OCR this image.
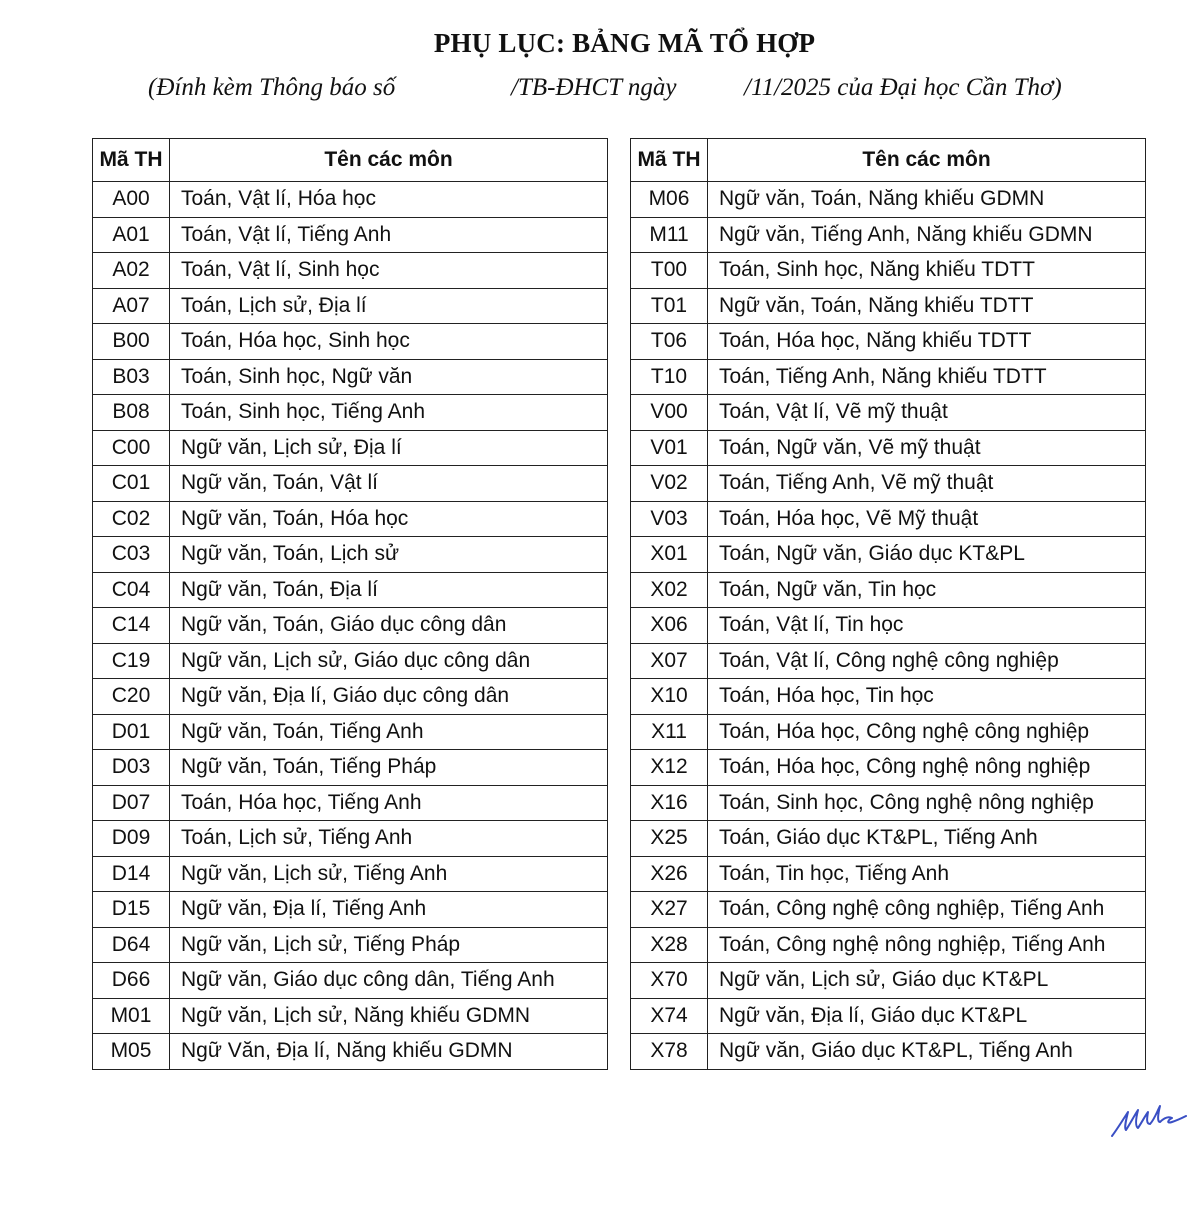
PHỤ LỤC: BẢNG MÃ TỔ HỢP
(Đính kèm Thông báo số	/TB-ĐHCT ngày	/11/2025 của Đại học Cần Thơ)
Mã TH	Tên các môn
A00	Toán, Vật lí, Hóa học
A01	Toán, Vật lí, Tiếng Anh
A02	Toán, Vật lí, Sinh học
A07	Toán, Lịch sử, Địa lí
B00	Toán, Hóa học, Sinh học
B03	Toán, Sinh học, Ngữ văn
B08	Toán, Sinh học, Tiếng Anh
C00	Ngữ văn, Lịch sử, Địa lí
C01	Ngữ văn, Toán, Vật lí
C02	Ngữ văn, Toán, Hóa học
C03	Ngữ văn, Toán, Lịch sử
C04	Ngữ văn, Toán, Địa lí
C14	Ngữ văn, Toán, Giáo dục công dân
C19	Ngữ văn, Lịch sử, Giáo dục công dân
C20	Ngữ văn, Địa lí, Giáo dục công dân
D01	Ngữ văn, Toán, Tiếng Anh
D03	Ngữ văn, Toán, Tiếng Pháp
D07	Toán, Hóa học, Tiếng Anh
D09	Toán, Lịch sử, Tiếng Anh
D14	Ngữ văn, Lịch sử, Tiếng Anh
D15	Ngữ văn, Địa lí, Tiếng Anh
D64	Ngữ văn, Lịch sử, Tiếng Pháp
D66	Ngữ văn, Giáo dục công dân, Tiếng Anh
M01	Ngữ văn, Lịch sử, Năng khiếu GDMN
M05	Ngữ Văn, Địa lí, Năng khiếu GDMN
Mã TH	Tên các môn
M06	Ngữ văn, Toán, Năng khiếu GDMN
M11	Ngữ văn, Tiếng Anh, Năng khiếu GDMN
T00	Toán, Sinh học, Năng khiếu TDTT
T01	Ngữ văn, Toán, Năng khiếu TDTT
T06	Toán, Hóa học, Năng khiếu TDTT
T10	Toán, Tiếng Anh, Năng khiếu TDTT
V00	Toán, Vật lí, Vẽ mỹ thuật
V01	Toán, Ngữ văn, Vẽ mỹ thuật
V02	Toán, Tiếng Anh, Vẽ mỹ thuật
V03	Toán, Hóa học, Vẽ Mỹ thuật
X01	Toán, Ngữ văn, Giáo dục KT&PL
X02	Toán, Ngữ văn, Tin học
X06	Toán, Vật lí, Tin học
X07	Toán, Vật lí, Công nghệ công nghiệp
X10	Toán, Hóa học, Tin học
X11	Toán, Hóa học, Công nghệ công nghiệp
X12	Toán, Hóa học, Công nghệ nông nghiệp
X16	Toán, Sinh học, Công nghệ nông nghiệp
X25	Toán, Giáo dục KT&PL, Tiếng Anh
X26	Toán, Tin học, Tiếng Anh
X27	Toán, Công nghệ công nghiệp, Tiếng Anh
X28	Toán, Công nghệ nông nghiệp, Tiếng Anh
X70	Ngữ văn, Lịch sử, Giáo dục KT&PL
X74	Ngữ văn, Địa lí, Giáo dục KT&PL
X78	Ngữ văn, Giáo dục KT&PL, Tiếng Anh
